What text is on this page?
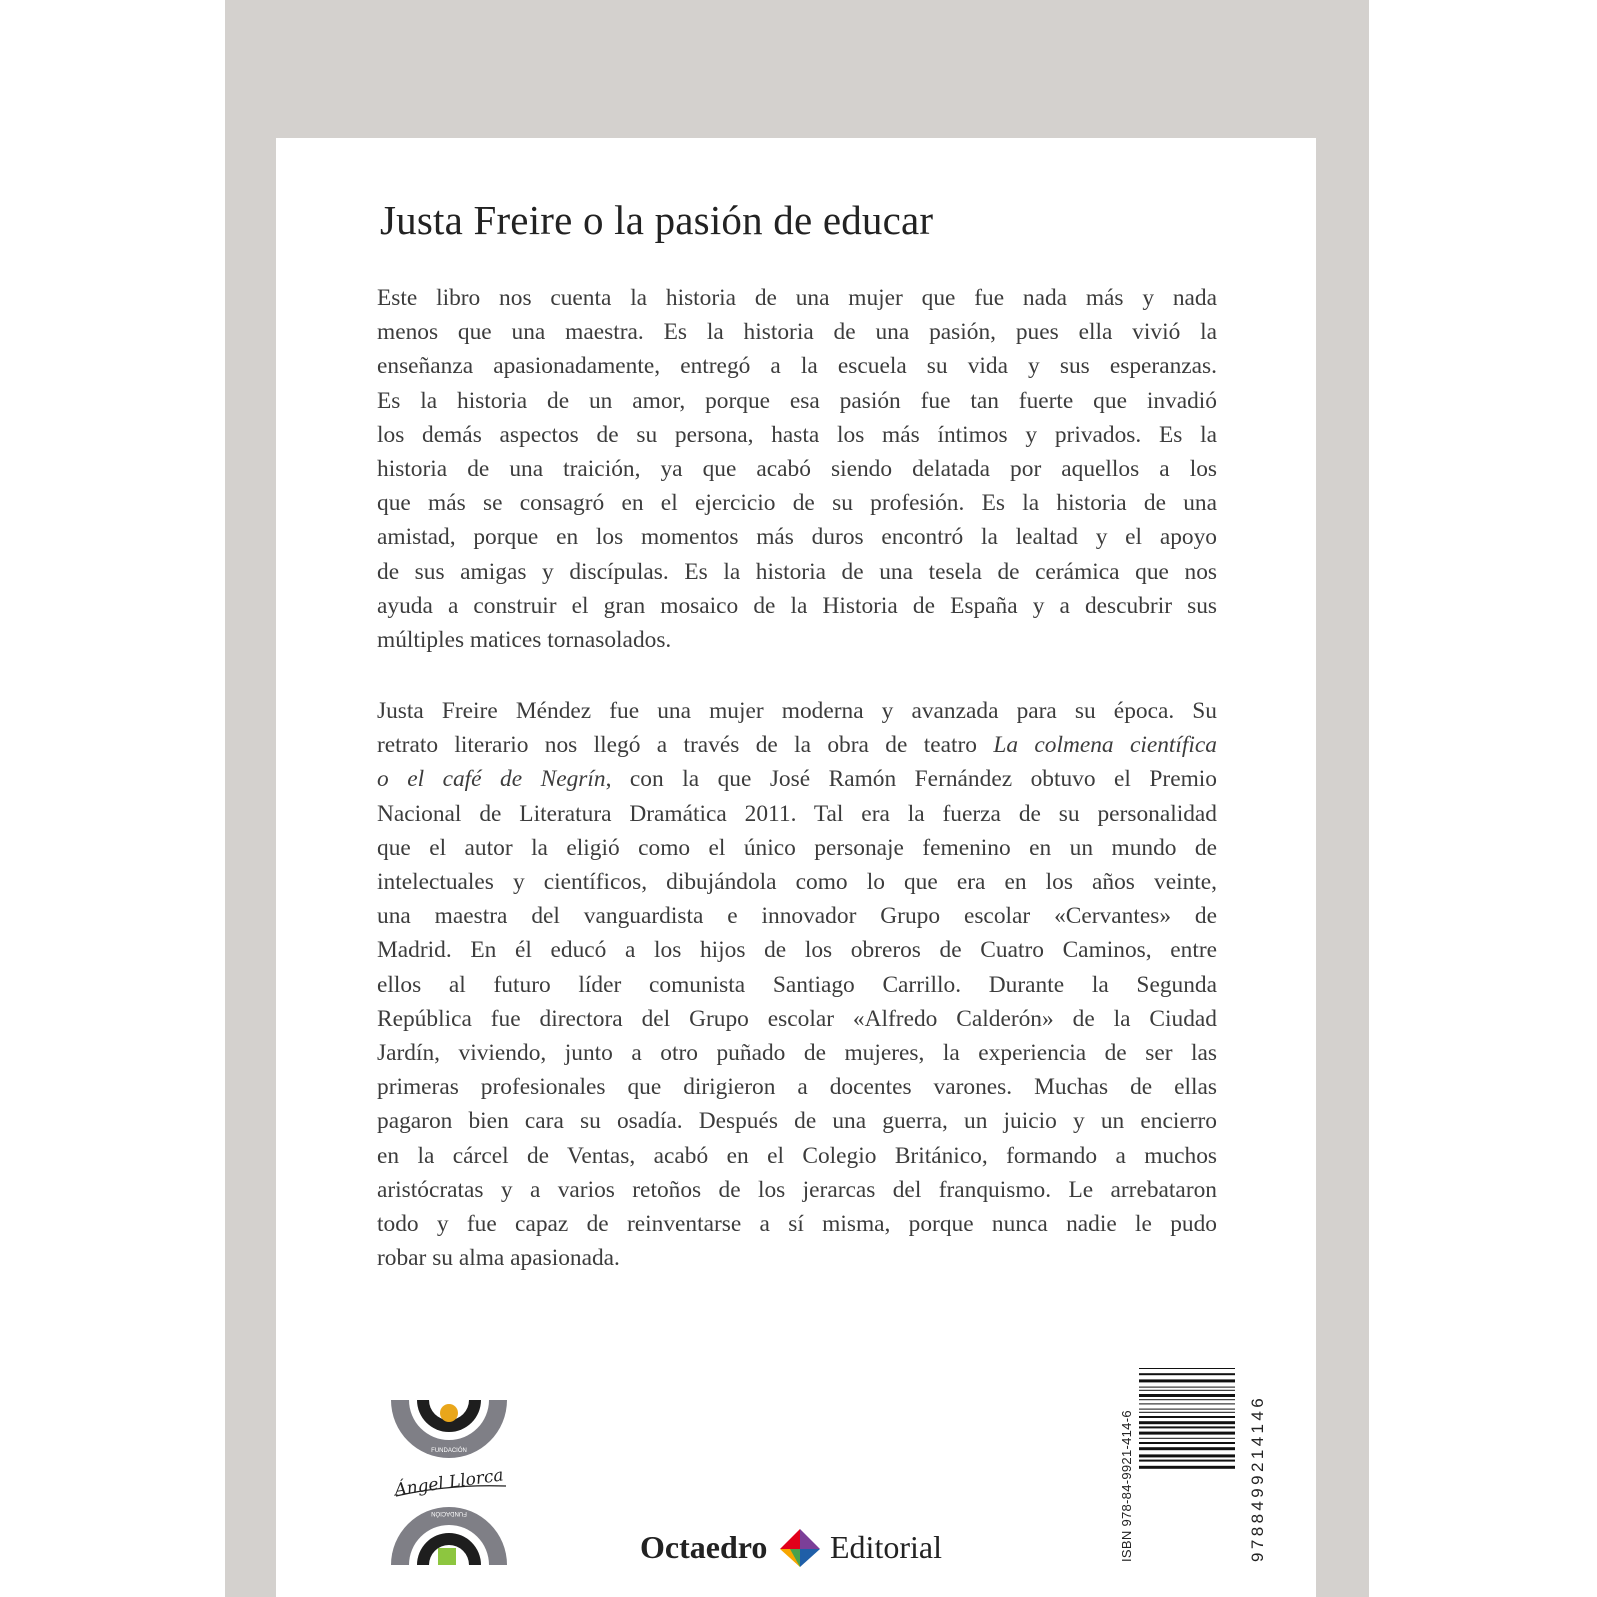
Justa Freire o la pasión de educar
Este libro nos cuenta la historia de una mujer que fue nada más y nada
menos que una maestra. Es la historia de una pasión, pues ella vivió la
enseñanza apasionadamente, entregó a la escuela su vida y sus esperanzas.
Es la historia de un amor, porque esa pasión fue tan fuerte que invadió
los demás aspectos de su persona, hasta los más íntimos y privados. Es la
historia de una traición, ya que acabó siendo delatada por aquellos a los
que más se consagró en el ejercicio de su profesión. Es la historia de una
amistad, porque en los momentos más duros encontró la lealtad y el apoyo
de sus amigas y discípulas. Es la historia de una tesela de cerámica que nos
ayuda a construir el gran mosaico de la Historia de España y a descubrir sus
múltiples matices tornasolados.
Justa Freire Méndez fue una mujer moderna y avanzada para su época. Su
retrato literario nos llegó a través de la obra de teatro La colmena científica
o el café de Negrín, con la que José Ramón Fernández obtuvo el Premio
Nacional de Literatura Dramática 2011. Tal era la fuerza de su personalidad
que el autor la eligió como el único personaje femenino en un mundo de
intelectuales y científicos, dibujándola como lo que era en los años veinte,
una maestra del vanguardista e innovador Grupo escolar «Cervantes» de
Madrid. En él educó a los hijos de los obreros de Cuatro Caminos, entre
ellos al futuro líder comunista Santiago Carrillo. Durante la Segunda
República fue directora del Grupo escolar «Alfredo Calderón» de la Ciudad
Jardín, viviendo, junto a otro puñado de mujeres, la experiencia de ser las
primeras profesionales que dirigieron a docentes varones. Muchas de ellas
pagaron bien cara su osadía. Después de una guerra, un juicio y un encierro
en la cárcel de Ventas, acabó en el Colegio Británico, formando a muchos
aristócratas y a varios retoños de los jerarcas del franquismo. Le arrebataron
todo y fue capaz de reinventarse a sí misma, porque nunca nadie le pudo
robar su alma apasionada.
FUNDACIÓN
Ángel Llorca
FUNDACIÓN
Octaedro Editorial	ISBN 978-84-9921-414-6	9788499214146
